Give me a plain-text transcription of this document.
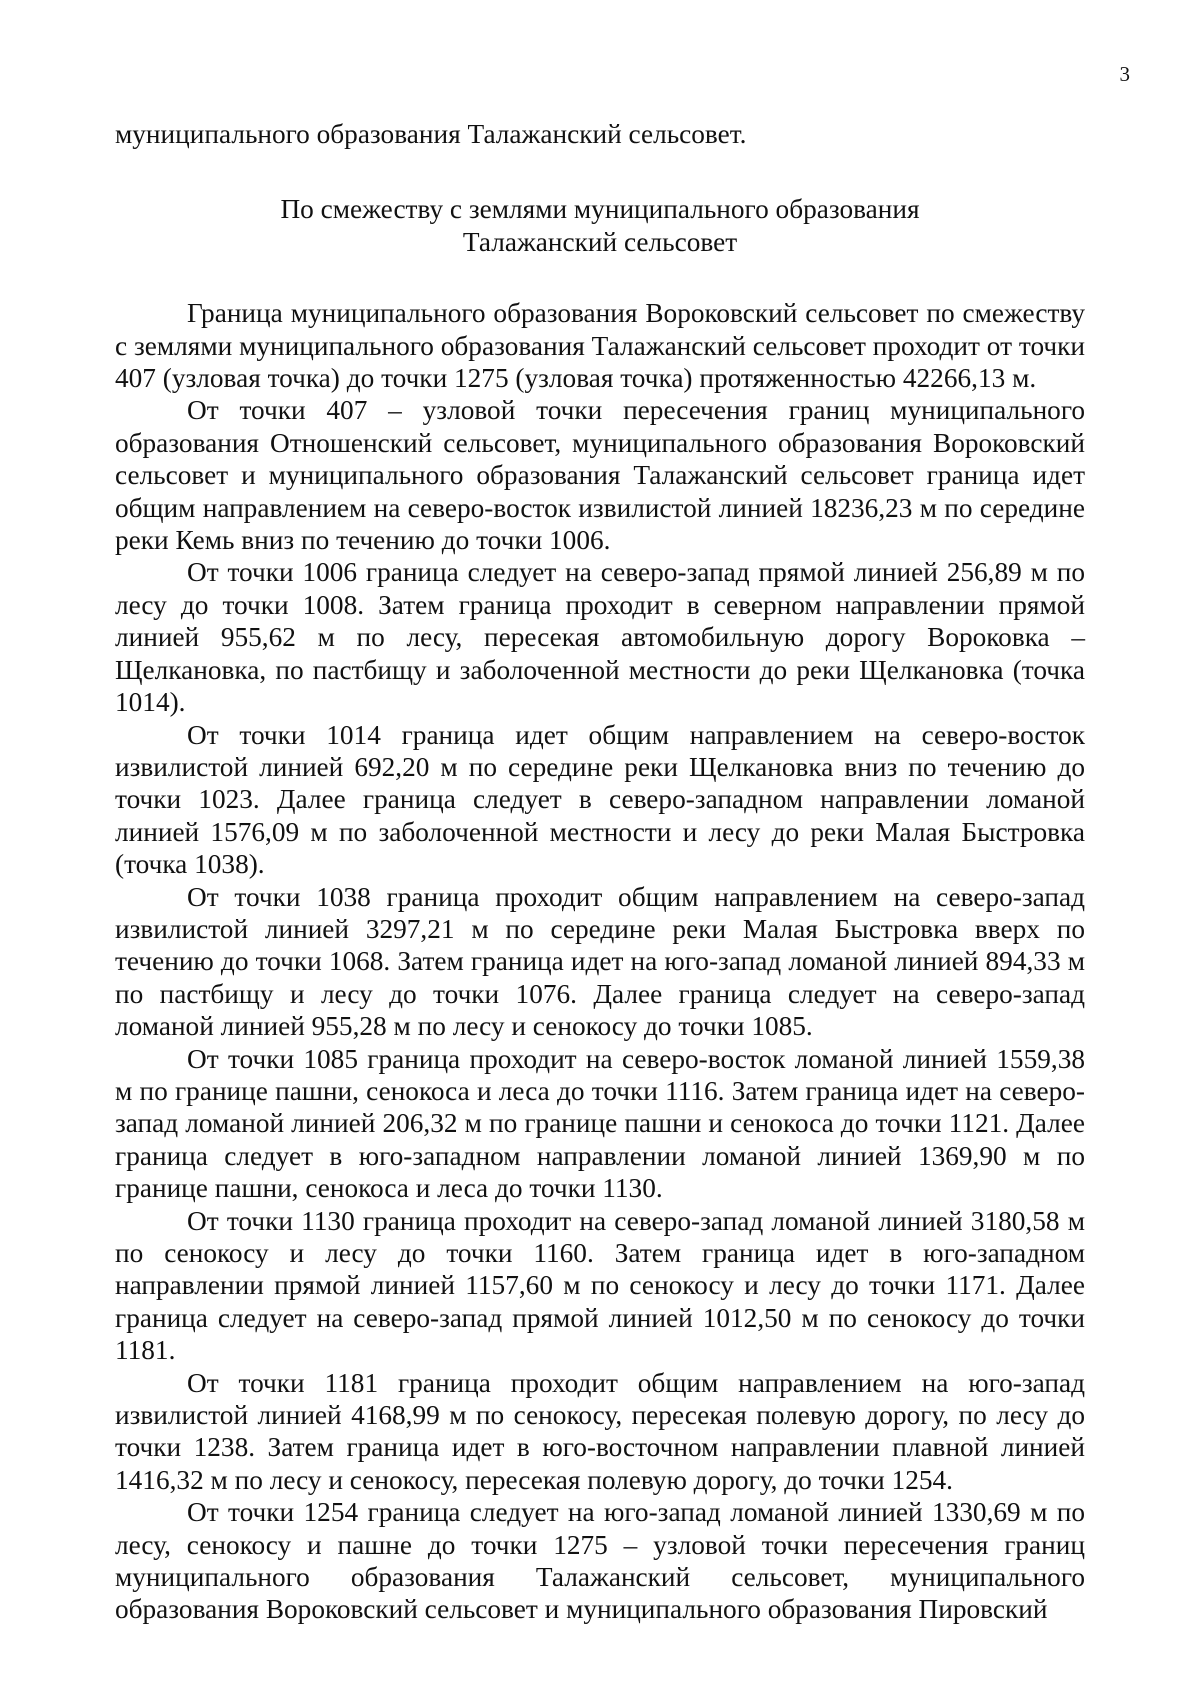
3

муниципального образования Талажанский сельсовет.

По смежеству с землями муниципального образования
Талажанский сельсовет

Граница муниципального образования Вороковский сельсовет по смежеству с землями муниципального образования Талажанский сельсовет проходит от точки 407 (узловая точка) до точки 1275 (узловая точка) протяженностью 42266,13 м.

От точки 407 – узловой точки пересечения границ муниципального образования Отношенский сельсовет, муниципального образования Вороковский сельсовет и муниципального образования Талажанский сельсовет граница идет общим направлением на северо-восток извилистой линией 18236,23 м по середине реки Кемь вниз по течению до точки 1006.

От точки 1006 граница следует на северо-запад прямой линией 256,89 м по лесу до точки 1008. Затем граница проходит в северном направлении прямой линией 955,62 м по лесу, пересекая автомобильную дорогу Вороковка – Щелкановка, по пастбищу и заболоченной местности до реки Щелкановка (точка 1014).

От точки 1014 граница идет общим направлением на северо-восток извилистой линией 692,20 м по середине реки Щелкановка вниз по течению до точки 1023. Далее граница следует в северо-западном направлении ломаной линией 1576,09 м по заболоченной местности и лесу до реки Малая Быстровка (точка 1038).

От точки 1038 граница проходит общим направлением на северо-запад извилистой линией 3297,21 м по середине реки Малая Быстровка вверх по течению до точки 1068. Затем граница идет на юго-запад ломаной линией 894,33 м по пастбищу и лесу до точки 1076. Далее граница следует на северо-запад ломаной линией 955,28 м по лесу и сенокосу до точки 1085.

От точки 1085 граница проходит на северо-восток ломаной линией 1559,38 м по границе пашни, сенокоса и леса до точки 1116. Затем граница идет на северо-запад ломаной линией 206,32 м по границе пашни и сенокоса до точки 1121. Далее граница следует в юго-западном направлении ломаной линией 1369,90 м по границе пашни, сенокоса и леса до точки 1130.

От точки 1130 граница проходит на северо-запад ломаной линией 3180,58 м по сенокосу и лесу до точки 1160. Затем граница идет в юго-западном направлении прямой линией 1157,60 м по сенокосу и лесу до точки 1171. Далее граница следует на северо-запад прямой линией 1012,50 м по сенокосу до точки 1181.

От точки 1181 граница проходит общим направлением на юго-запад извилистой линией 4168,99 м по сенокосу, пересекая полевую дорогу, по лесу до точки 1238. Затем граница идет в юго-восточном направлении плавной линией 1416,32 м по лесу и сенокосу, пересекая полевую дорогу, до точки 1254.

От точки 1254 граница следует на юго-запад ломаной линией 1330,69 м по лесу, сенокосу и пашне до точки 1275 – узловой точки пересечения границ муниципального образования Талажанский сельсовет, муниципального образования Вороковский сельсовет и муниципального образования Пировский
